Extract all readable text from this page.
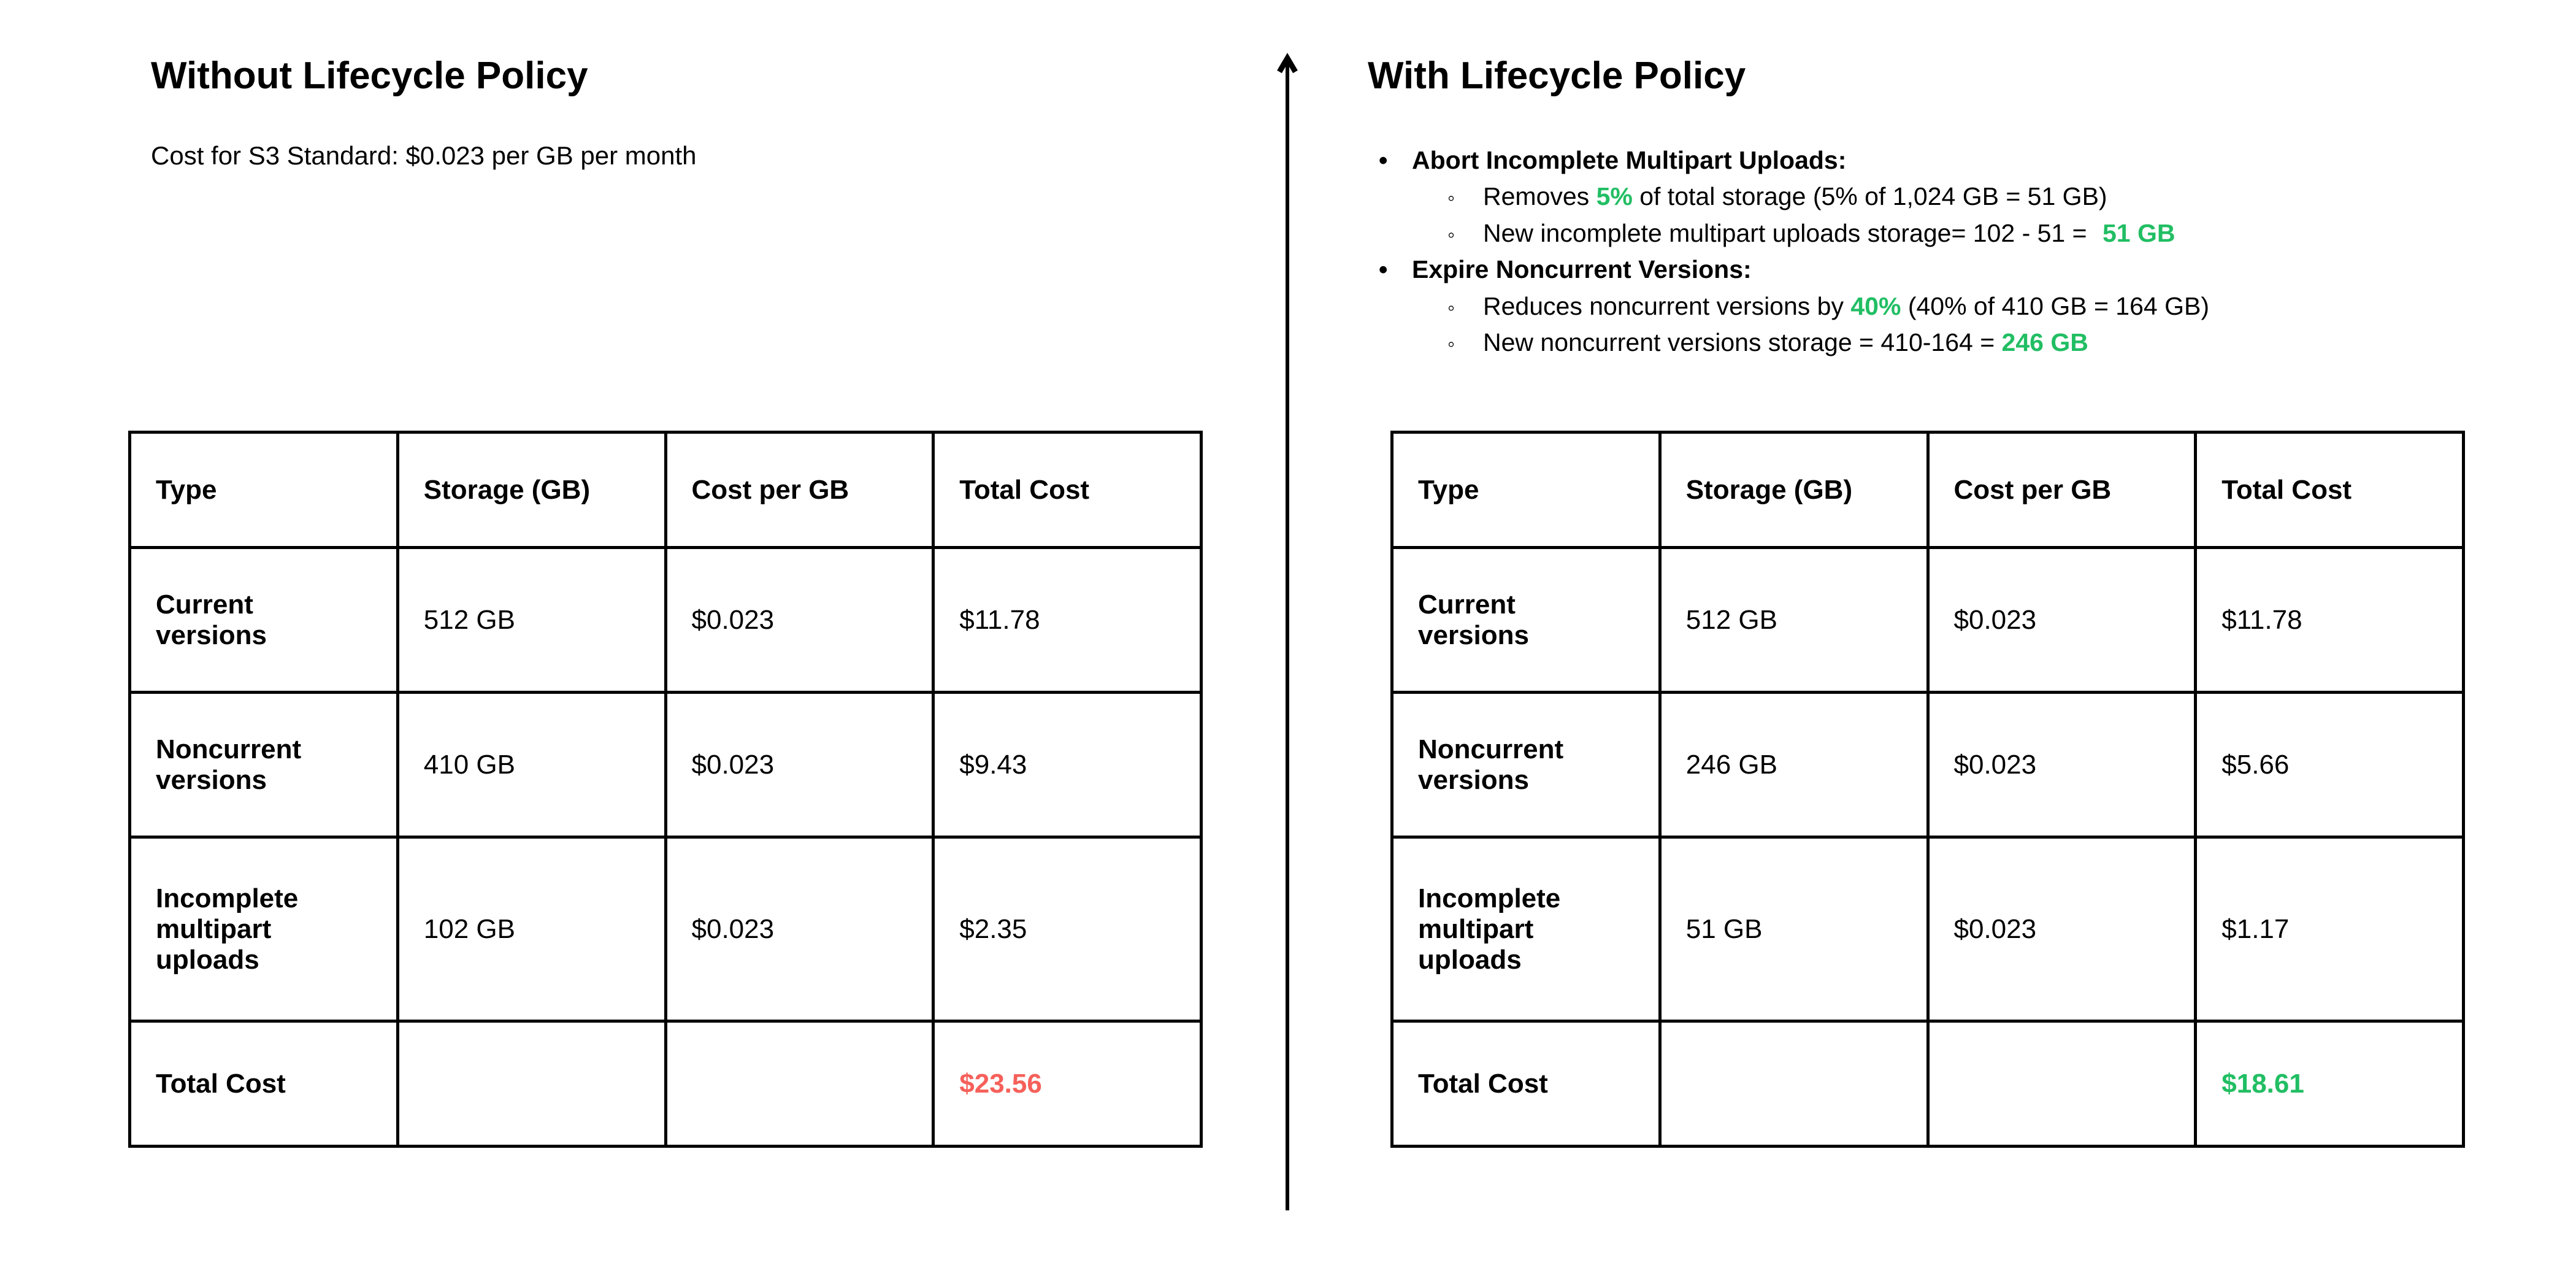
Without Lifecycle Policy

Cost for S3 Standard: $0.023 per GB per month

Type	Storage (GB)	Cost per GB	Total Cost
Current versions	512 GB	$0.023	$11.78
Noncurrent versions	410 GB	$0.023	$9.43
Incomplete multipart uploads	102 GB	$0.023	$2.35
Total Cost			$23.56
With Lifecycle Policy
• Abort Incomplete Multipart Uploads:
◦	Removes 5% of total storage (5% of 1,024 GB = 51 GB)
◦	New incomplete multipart uploads storage= 102 - 51 = 51 GB
• Expire Noncurrent Versions:
◦	Reduces noncurrent versions by 40% (40% of 410 GB = 164 GB)
◦	New noncurrent versions storage = 410-164 = 246 GB
Type	Storage (GB)	Cost per GB	Total Cost
Current versions	512 GB	$0.023	$11.78
Noncurrent versions	246 GB	$0.023	$5.66
Incomplete multipart uploads	51 GB	$0.023	$1.17
Total Cost			$18.61
